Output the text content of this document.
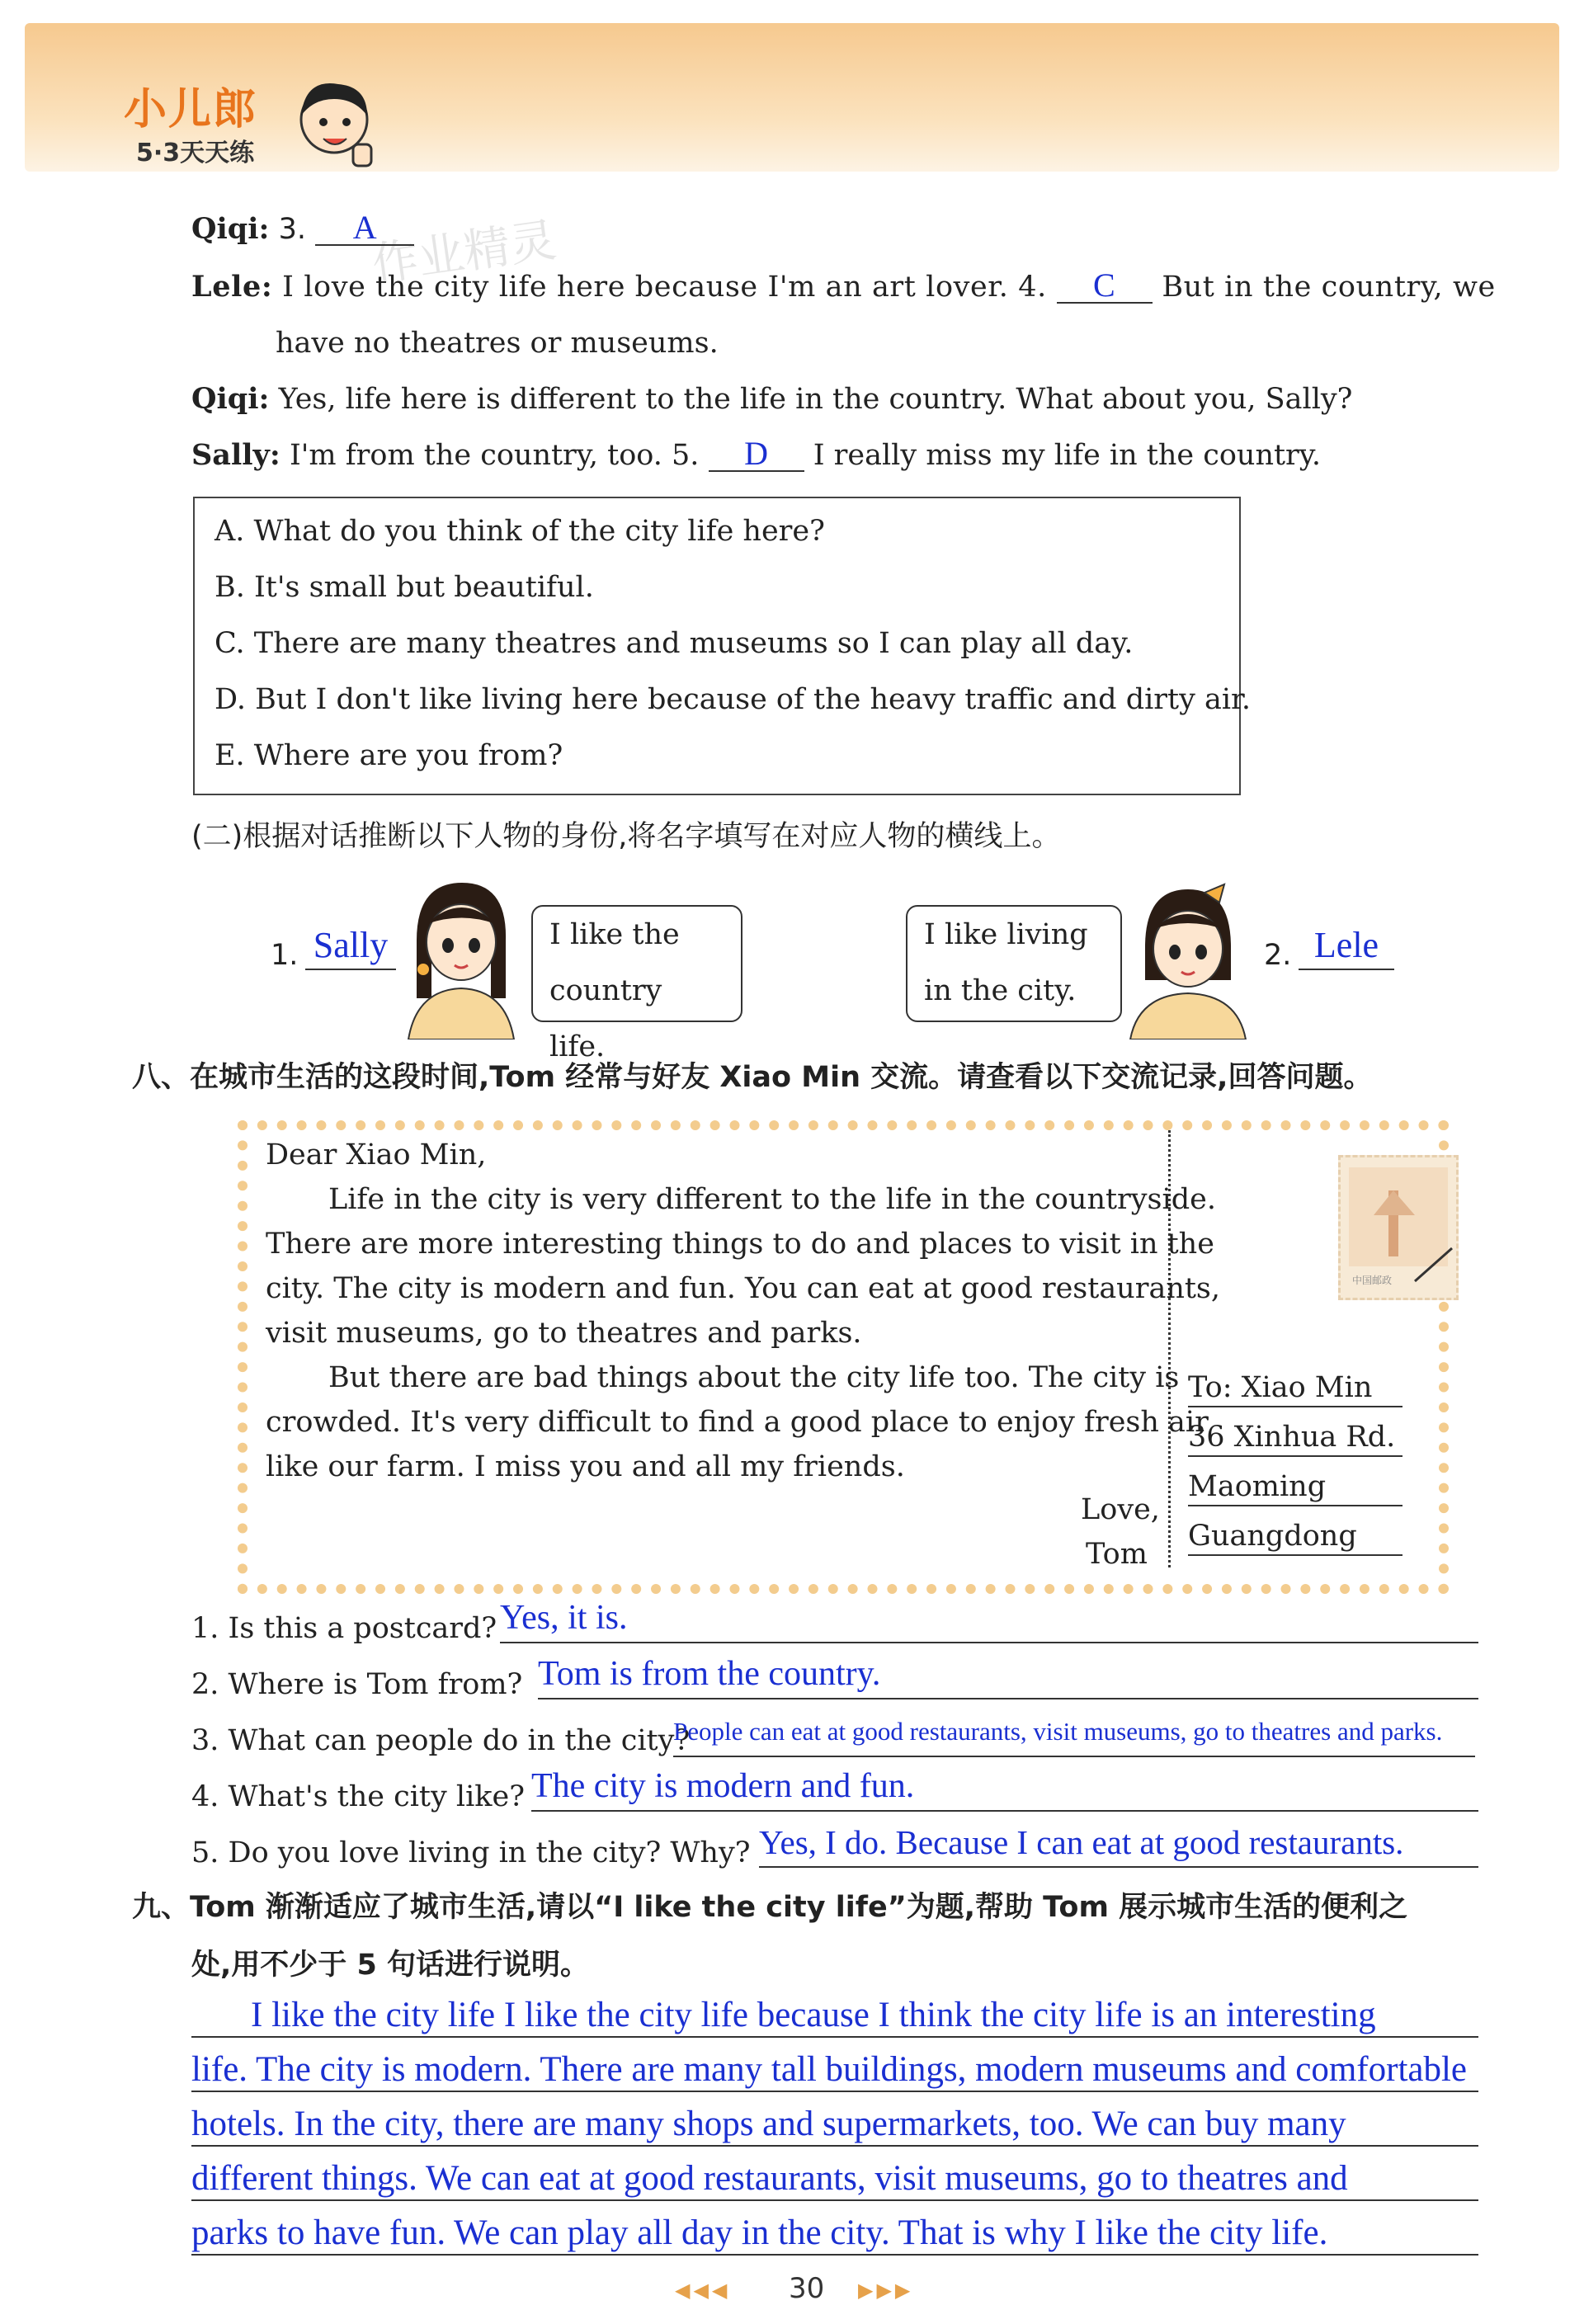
小儿郎
5·3天天练
作业精灵
Qiqi: 3. A
Lele: I love the city life here because I'm an art lover. 4. C But in the country, we
have no theatres or museums.
Qiqi: Yes, life here is different to the life in the country. What about you, Sally?
Sally: I'm from the country, too. 5. D I really miss my life in the country.
A. What do you think of the city life here?
B. It's small but beautiful.
C. There are many theatres and museums so I can play all day.
D. But I don't like living here because of the heavy traffic and dirty air.
E. Where are you from?
(二)根据对话推断以下人物的身份,将名字填写在对应人物的横线上。
1. Sally	I like the
country life.
I like living
in the city.
2. Lele
八、在城市生活的这段时间,Tom 经常与好友 Xiao Min 交流。请查看以下交流记录,回答问题。
Dear Xiao Min,
Life in the city is very different to the life in the countryside.
There are more interesting things to do and places to visit in the
city. The city is modern and fun. You can eat at good restaurants,
visit museums, go to theatres and parks.
But there are bad things about the city life too. The city is
crowded. It's very difficult to find a good place to enjoy fresh air
like our farm. I miss you and all my friends.
Love,
Tom
中国邮政
To: Xiao Min
36 Xinhua Rd.
Maoming
Guangdong
1. Is this a postcard? Yes, it is.
2. Where is Tom from? Tom is from the country.
3. What can people do in the city?
People can eat at good restaurants, visit museums, go to theatres and parks.
4. What's the city like? The city is modern and fun.
5. Do you love living in the city? Why? Yes, I do. Because I can eat at good restaurants.
九、Tom 渐渐适应了城市生活,请以“I like the city life”为题,帮助 Tom 展示城市生活的便利之
处,用不少于 5 句话进行说明。
I like the city life I like the city life because I think the city life is an interesting
life. The city is modern. There are many tall buildings, modern museums and comfortable
hotels. In the city, there are many shops and supermarkets, too. We can buy many
different things. We can eat at good restaurants, visit museums, go to theatres and
parks to have fun. We can play all day in the city. That is why I like the city life.
◀◀◀ 30 ▶▶▶
